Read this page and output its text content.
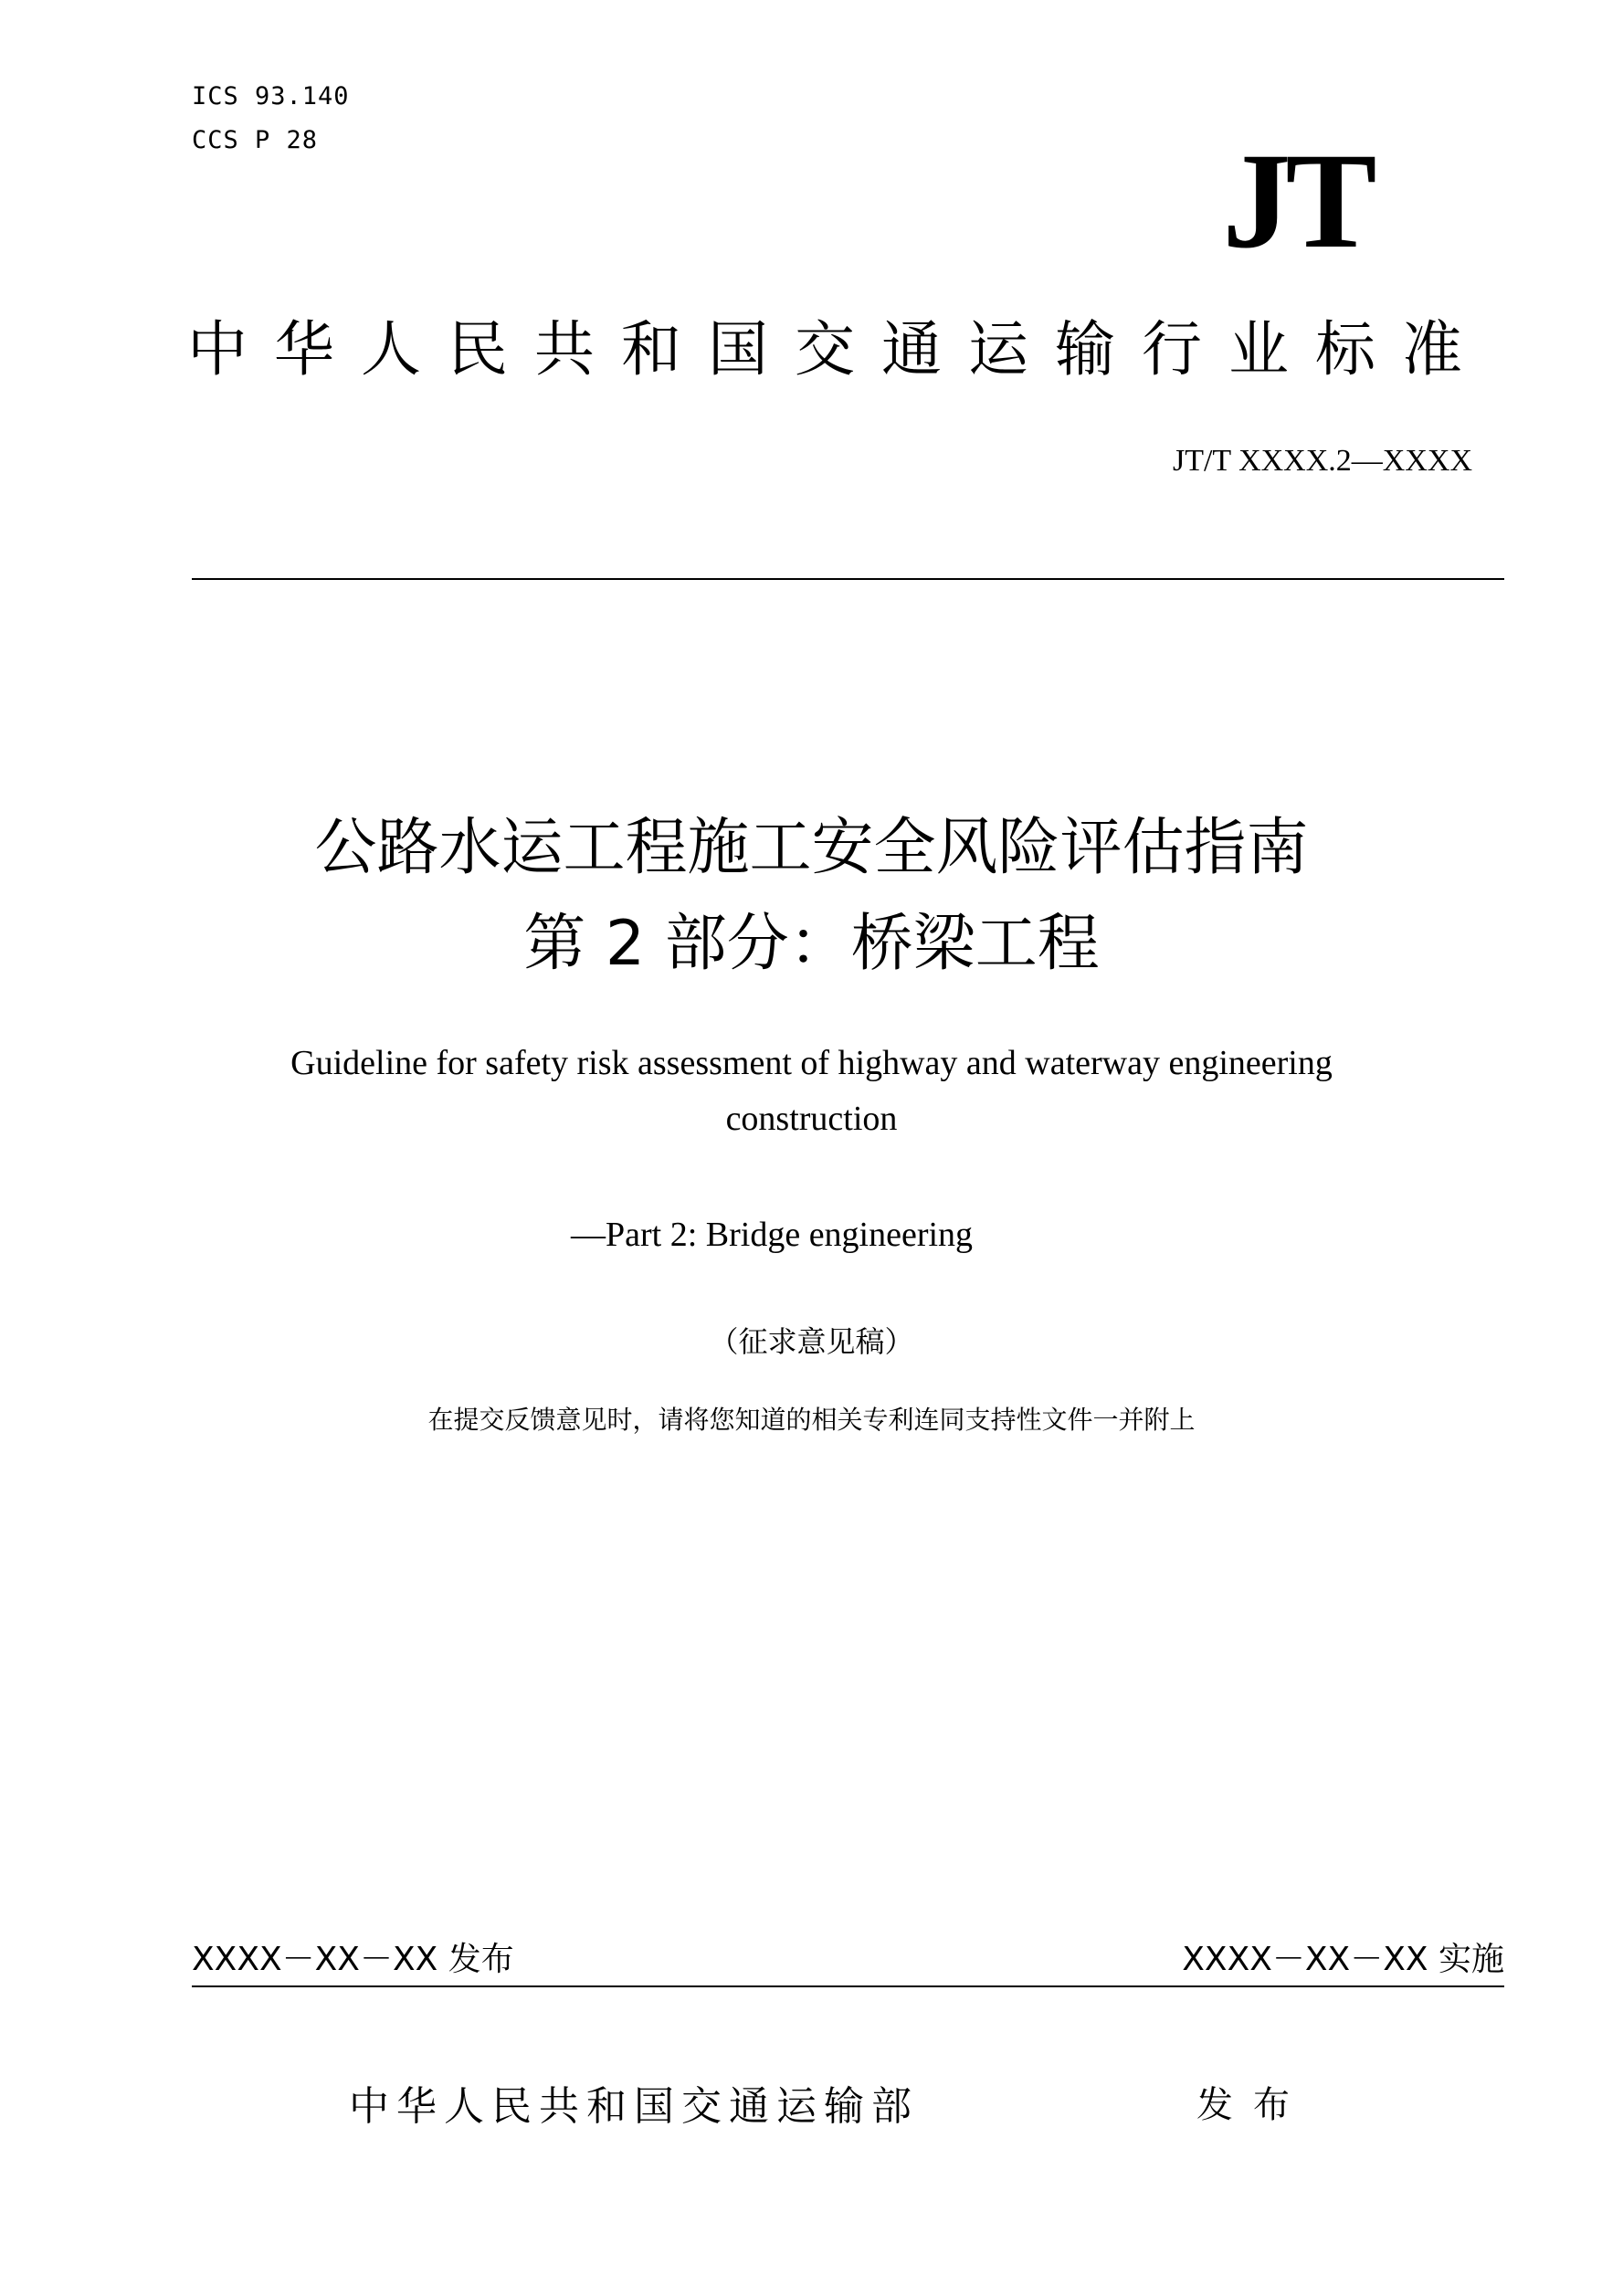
ICS 93.140
CCS P 28	JT
中华人民共和国交通运输行业标准
JT/T XXXX.2—XXXX
公路水运工程施工安全风险评估指南
第 2 部分：桥梁工程
Guideline for safety risk assessment of highway and waterway engineering
construction
—Part 2: Bridge engineering
（征求意见稿）
在提交反馈意见时，请将您知道的相关专利连同支持性文件一并附上
XXXX－XX－XX 发布	XXXX－XX－XX 实施
中华人民共和国交通运输部	发布
